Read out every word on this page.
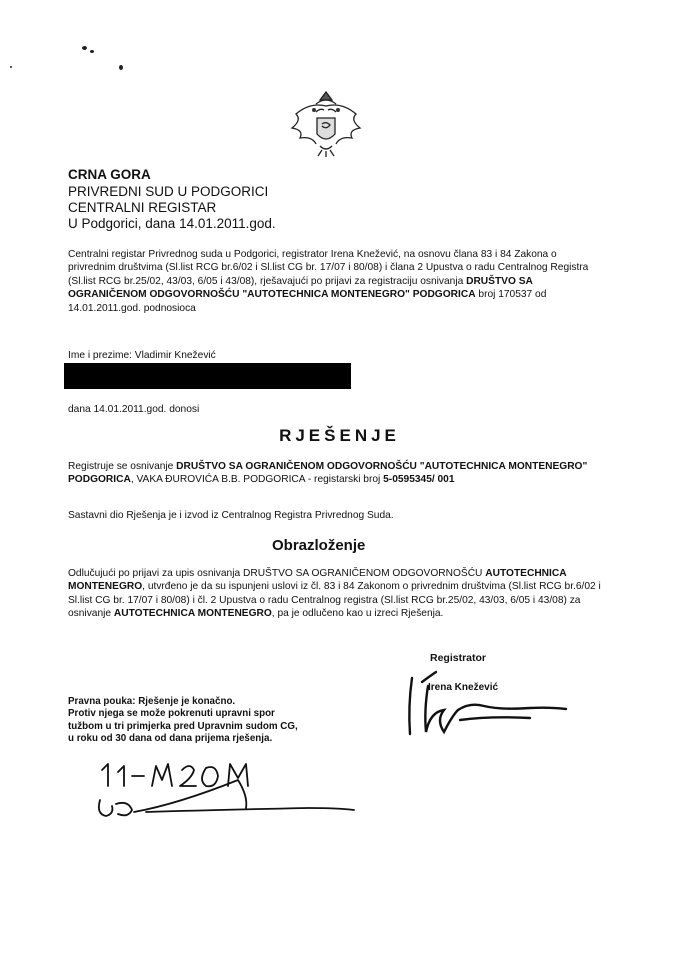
CRNA GORA
PRIVREDNI SUD U PODGORICI
CENTRALNI REGISTAR
U Podgorici, dana 14.01.2011.god.
Centralni registar Privrednog suda u Podgorici, registrator Irena Knežević, na osnovu člana 83 i 84 Zakona o privrednim društvima (Sl.list RCG br.6/02 i Sl.list CG br. 17/07 i 80/08) i člana 2 Upustva o radu Centralnog Registra (Sl.list RCG br.25/02, 43/03, 6/05 i 43/08), rješavajući po prijavi za registraciju osnivanja DRUŠTVO SA OGRANIČENOM ODGOVORNOŠĆU "AUTOTECHNICA MONTENEGRO" PODGORICA broj 170537 od 14.01.2011.god. podnosioca
Ime i prezime: Vladimir Knežević
dana 14.01.2011.god. donosi
RJEŠENJE
Registruje se osnivanje DRUŠTVO SA OGRANIČENOM ODGOVORNOŠĆU "AUTOTECHNICA MONTENEGRO" PODGORICA, VAKA ĐUROVIĆA B.B. PODGORICA - registarski broj 5-0595345/ 001
Sastavni dio Rješenja je i izvod iz Centralnog Registra Privrednog Suda.
Obrazloženje
Odlučujući po prijavi za upis osnivanja DRUŠTVO SA OGRANIČENOM ODGOVORNOŠĆU AUTOTECHNICA MONTENEGRO, utvrđeno je da su ispunjeni uslovi iz čl. 83 i 84 Zakonom o privrednim društvima (Sl.list RCG br.6/02 i Sl.list CG br. 17/07 i 80/08) i čl. 2 Upustva o radu Centralnog registra (Sl.list RCG br.25/02, 43/03, 6/05 i 43/08) za osnivanje AUTOTECHNICA MONTENEGRO, pa je odlučeno kao u izreci Rješenja.
Registrator
Irena Knežević
Pravna pouka: Rješenje je konačno.
Protiv njega se može pokrenuti upravni spor
tužbom u tri primjerka pred Upravnim sudom CG,
u roku od 30 dana od dana prijema rješenja.
